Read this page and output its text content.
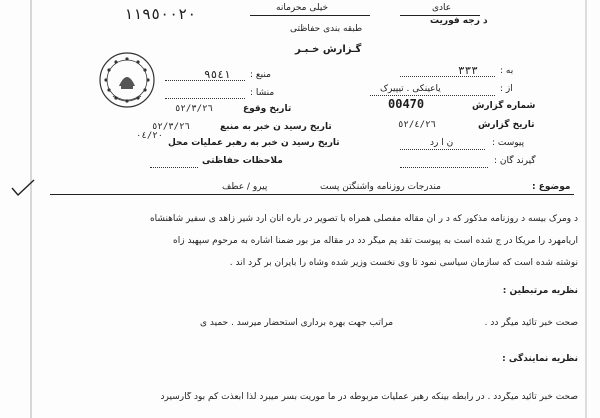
١١٩٥٠٠٢٠	خیلی محرمانه
طبقه بندی حفاظتی
گـزارش خـبـر
عادی
د رجه فوریت
به :
٣٣٣
منبع :
٩٥٤١
از :
یاعینکی . تیپیرک
منشا :
شماره گزارش
00470
تاریخ وقوع
٥٢/٣/٢٦
تاریخ گزارش
٥٢/٤/٢٦
تاریخ رسید ن خبر به منبع
٥٢/٣/٢٦
پیوست :
ن ا رد
تاریخ رسید ن خبر به رهبر عملیات محل
٠٤/٢٠
گیرند گان :
ملاحظات حفاظتی
موضوع :
مندرجات روزنامه واشنگتن پست
پیرو / عطف
د ومرک بیسه د روزنامه مذکور که د ر آن مقاله مفصلی همراه با تصویر در باره آنان ارد شیر زاهد ی سفیر شاهنشاه
آریامهرد را مریکا در ج شده است به پیوست تقد یم میگر دد در مقاله مز بور ضمنا اشاره به مرحوم سپهبد زاه
نوشته شده است که سازمان سیاسی نمود تا وی نخست وزیر شده وشاه را بایران بر گرد اند .
نظریه مرتبطین :
صحت خبر تائید میگر دد .
مراتب جهت بهره برداری استحضار میرسد . حمید ی
نظریه نمایندگی :
صحت خبر تائید میگردد . در رابطه بینکه رهبر عملیات مربوطه در ما موریت بسر میبرد لذا ابعذت کم بود گارسیرد
